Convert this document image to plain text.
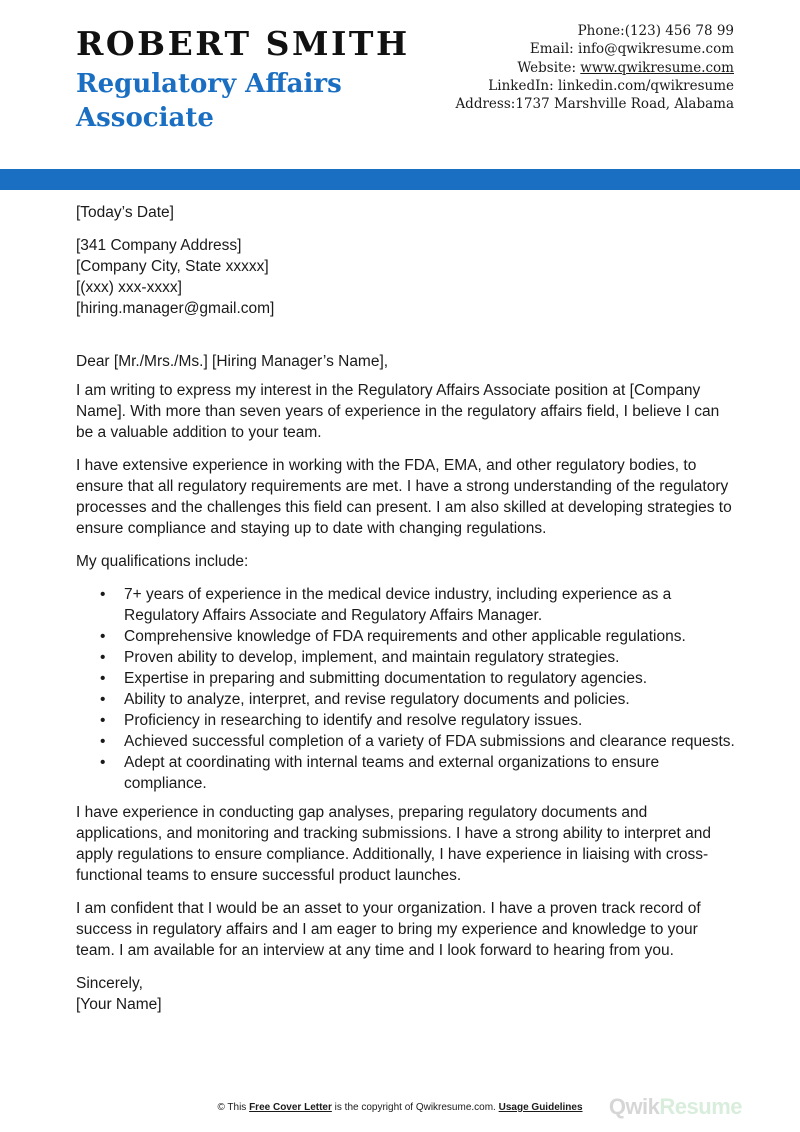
ROBERT SMITH
Regulatory Affairs Associate
Phone:(123) 456 78 99
Email: info@qwikresume.com
Website: www.qwikresume.com
LinkedIn: linkedin.com/qwikresume
Address:1737 Marshville Road, Alabama

[Today’s Date]

[341 Company Address]

[Company City, State xxxxx]

[(xxx) xxx-xxxx]

[hiring.manager@gmail.com]

Dear [Mr./Mrs./Ms.] [Hiring Manager’s Name],

I am writing to express my interest in the Regulatory Affairs Associate position at [Company Name]. With more than seven years of experience in the regulatory affairs field, I believe I can be a valuable addition to your team.

I have extensive experience in working with the FDA, EMA, and other regulatory bodies, to ensure that all regulatory requirements are met. I have a strong understanding of the regulatory processes and the challenges this field can present. I am also skilled at developing strategies to ensure compliance and staying up to date with changing regulations.

My qualifications include:

• 7+ years of experience in the medical device industry, including experience as a Regulatory Affairs Associate and Regulatory Affairs Manager.
• Comprehensive knowledge of FDA requirements and other applicable regulations.
• Proven ability to develop, implement, and maintain regulatory strategies.
• Expertise in preparing and submitting documentation to regulatory agencies.
• Ability to analyze, interpret, and revise regulatory documents and policies.
• Proficiency in researching to identify and resolve regulatory issues.
• Achieved successful completion of a variety of FDA submissions and clearance requests.
• Adept at coordinating with internal teams and external organizations to ensure compliance.

I have experience in conducting gap analyses, preparing regulatory documents and applications, and monitoring and tracking submissions. I have a strong ability to interpret and apply regulations to ensure compliance. Additionally, I have experience in liaising with cross-functional teams to ensure successful product launches.

I am confident that I would be an asset to your organization. I have a proven track record of success in regulatory affairs and I am eager to bring my experience and knowledge to your team. I am available for an interview at any time and I look forward to hearing from you.

Sincerely,

[Your Name]

QwikResume
© This Free Cover Letter is the copyright of Qwikresume.com. Usage Guidelines
